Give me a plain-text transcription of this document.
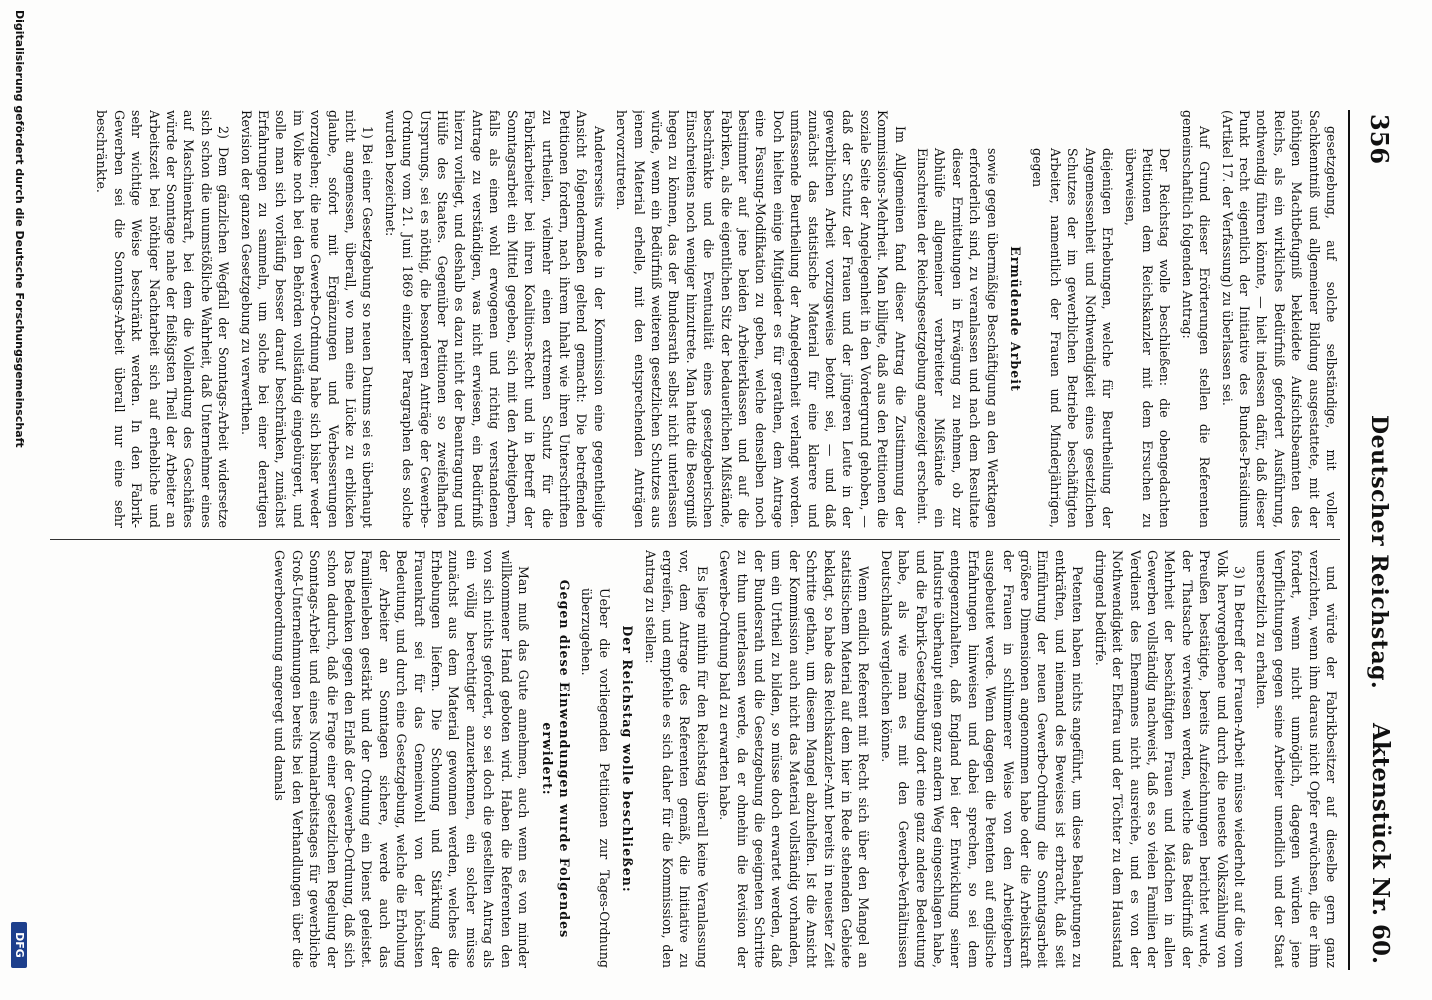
356
Deutscher Reichstag.
Aktenstück Nr. 60.

gesetzgebung, auf solche selbständige, mit voller Sachkenntniß und allgemeiner Bildung ausgestattete, mit der nöthigen Machtbefugniß bekleidete Aufsichtsbeamten des Reichs, als ein wirkliches Bedürfniß gefordert Ausführung, nothwendig führen könnte, — hielt indessen dafür, daß dieser Punkt recht eigentlich der Initiative des Bundes-Präsidiums (Artikel 17. der Verfassung) zu überlassen sei.

Auf Grund dieser Erörterungen stellen die Referenten gemeinschaftlich folgenden Antrag:

Der Reichstag wolle beschließen: die obengedachten Petitionen dem Reichskanzler mit dem Ersuchen zu überweisen,

diejenigen Erhebungen, welche für Beurtheilung der Angemessenheit und Nothwendigkeit eines gesetzlichen Schutzes der im gewerblichen Betriebe beschäftigten Arbeiter, namentlich der Frauen und Minderjährigen, gegen

Ermüdende Arbeit

sowie gegen übermäßige Beschäftigung an den Werktagen erforderlich sind, zu veranlassen und nach dem Resultate dieser Ermittelungen in Erwägung zu nehmen, ob zur Abhülfe allgemeiner verbreiteter Mißstände ein Einschreiten der Reichsgesetzgebung angezeigt erscheint.

Im Allgemeinen fand dieser Antrag die Zustimmung der Kommissions-Mehrheit. Man billigte, daß aus den Petitionen die soziale Seite der Angelegenheit in den Vordergrund gehoben, — daß der Schutz der Frauen und der jüngeren Leute in der gewerblichen Arbeit vorzugsweise betont sei, — und daß zunächst das statistische Material für eine klarere und umfassende Beurtheilung der Angelegenheit verlangt worden. Doch hielten einige Mitglieder es für gerathen, dem Antrage eine Fassung-Modifikation zu geben, welche denselben noch bestimmter auf jene beiden Arbeiterklassen und auf die Fabriken, als die eigentlichen Sitz der bedauerlichen Mißstände, beschränkte und die Eventualität eines gesetzgeberischen Einschreitens noch weniger hinzutrete. Man hatte die Besorgniß hegen zu können, das der Bundesrath selbst nicht unterlassen würde, wenn ein Bedürfniß weiteren gesetzlichen Schutzes aus jenem Material erhelle, mit den entsprechenden Anträgen hervorzutreten.

Andererseits wurde in der Kommission eine gegentheilige Ansicht folgendermaßen geltend gemacht: Die betreffenden Petitionen fordern, nach ihrem Inhalt wie ihren Unterschriften zu urtheilen, vielmehr einen extremen Schutz für die Fabrikarbeiter bei ihren Koalitions-Recht und in Betreff der Sonntagsarbeit ein Mittel gegeben, sich mit den Arbeitgebern, falls als einen wohl erwogenen und richtig verstandenen Antrage zu verständigen, was nicht erwiesen, ein Bedürfniß hierzu vorliegt, und deshalb es dazu nicht der Beantragung und Hülfe des Staates. Gegenüber Petitionen so zweifelhaften Ursprungs, sei es nöthig, die besonderen Anträge der Gewerbe-Ordnung vom 21. Juni 1869 einzelner Paragraphen des solche wurden bezeichnet:

1) Bei einer Gesetzgebung so neuen Datums sei es überhaupt nicht angemessen, überall, wo man eine Lücke zu erblicken glaube, sofort mit Ergänzungen und Verbesserungen vorzugehen; die neue Gewerbe-Ordnung habe sich bisher weder im Volke noch bei den Behörden vollständig eingebürgert, und solle man sich vorläufig besser darauf beschränken, zunächst Erfahrungen zu sammeln, um solche bei einer derartigen Revision der ganzen Gesetzgebung zu verwerthen.

2) Dem gänzlichen Wegfall der Sonntags-Arbeit widersetze sich schon die unumstößliche Wahrheit, daß Unternehmer eines auf Maschinenkraft, bei dem die Vollendung des Geschäftes würde der Sonntage nahe der fleißigsten Theil der Arbeiter an Arbeitszeit bei nöthiger Nachtarbeit sich auf erhebliche und sehr wichtige Weise beschränkt werden. In den Fabrik-Gewerben sei die Sonntags-Arbeit überall nur eine sehr beschränkte.

und würde der Fabrikbesitzer auf dieselbe gern ganz verzichten, wenn ihm daraus nicht Opfer erwüchsen, die er ihm fordert, wenn nicht unmöglich, dagegen würden jene Verpflichtungen gegen seine Arbeiter unendlich und der Staat unersetzlich zu erhalten.

3) In Betreff der Frauen-Arbeit müsse wiederholt auf die vom Volk hervorgehobene und durch die neueste Volkszählung von Preußen bestätigte, bereits Aufzeichnungen berichtet wurde, der Thatsache verwiesen werden, welche das Bedürfniß der Mehrheit der beschäftigten Frauen und Mädchen in allen Gewerben vollständig nachweist, daß es so vielen Familien der Verdienst des Ehemannes nicht ausreiche, und es von der Nothwendigkeit der Ehefrau und der Töchter zu dem Hausstand dringend bedürfe.

Petenten haben nichts angeführt, um diese Behauptungen zu entkräften, und niemand des Beweises ist erbracht, daß seit Einführung der neuen Gewerbe-Ordnung die Sonntagsarbeit größere Dimensionen angenommen habe oder die Arbeitskraft der Frauen in schlimmerer Weise von den Arbeitgebern ausgebeutet werde. Wenn dagegen die Petenten auf englische Erfahrungen hinweisen und dabei sprechen, so sei dem entgegenzuhalten, daß England bei der Entwicklung seiner Industrie überhaupt einen ganz andern Weg eingeschlagen habe, und die Fabrik-Gesetzgebung dort eine ganz andere Bedeutung habe, als wie man es mit den Gewerbe-Verhältnissen Deutschlands vergleichen könne.

Wenn endlich Referent mit Recht sich über den Mangel an statistischem Material auf dem hier in Rede stehenden Gebiete beklagt, so habe das Reichskanzler-Amt bereits in neuester Zeit Schritte gethan, um diesem Mangel abzuhelfen. Ist die Ansicht der Kommission auch nicht das Material vollständig vorhanden, um ein Urtheil zu bilden, so müsse doch erwartet werden, daß der Bundesrath und die Gesetzgebung die geeigneten Schritte zu thun unterlassen werde, da er ohnehin die Revision der Gewerbe-Ordnung bald zu erwarten habe.

Es liege mithin für den Reichstag überall keine Veranlassung vor, dem Antrage des Referenten gemäß, die Initiative zu ergreifen, und empfehle es sich daher für die Kommission, den Antrag zu stellen:

Der Reichstag wolle beschließen:

Ueber die vorliegenden Petitionen zur Tages-Ordnung überzugehen.

Gegen diese Einwendungen wurde Folgendes erwidert:

Man muß das Gute annehmen, auch wenn es von minder willkommener Hand geboten wird. Haben die Referenten den von sich nichts gefordert, so sei doch die gestellten Antrag als ein völlig berechtigter anzuerkennen, ein solcher müsse zunächst aus dem Material gewonnen werden, welches die Erhebungen liefern. Die Schonung und Stärkung der Frauenkraft sei für das Gemeinwohl von der höchsten Bedeutung, und durch eine Gesetzgebung, welche die Erholung der Arbeiter an Sonntagen sichere, werde auch das Familienleben gestärkt und der Ordnung ein Dienst geleistet. Das Bedenken gegen den Erlaß der Gewerbe-Ordnung, daß sich schon dadurch, daß die Frage einer gesetzlichen Regelung der Sonntags-Arbeit und eines Normalarbeitstages für gewerbliche Groß-Unternehmungen bereits bei den Verhandlungen über die Gewerbeordnung angeregt und damals

Digitalisierung gefördert durch die Deutsche Forschungsgemeinschaft
DFG
